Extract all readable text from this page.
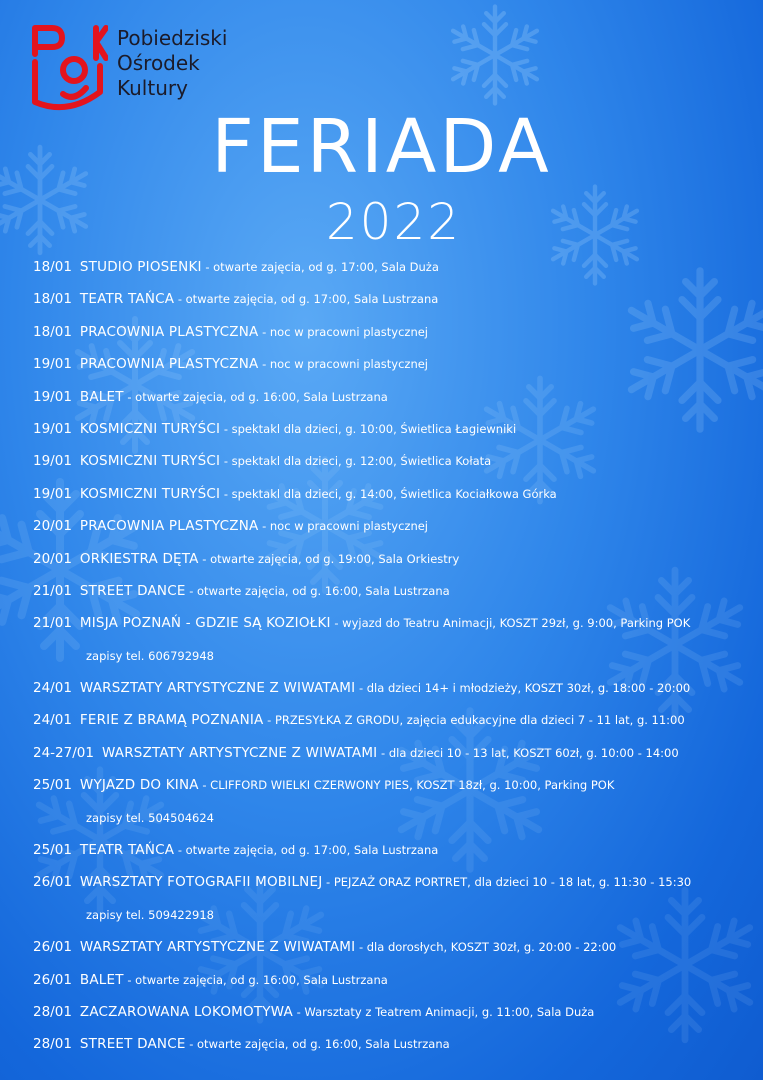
Pobiedziski
Ośrodek
Kultury
FERIADA
2022
18/01 STUDIO PIOSENKI - otwarte zajęcia, od g. 17:00, Sala Duża
18/01 TEATR TAŃCA - otwarte zajęcia, od g. 17:00, Sala Lustrzana
18/01 PRACOWNIA PLASTYCZNA - noc w pracowni plastycznej
19/01 PRACOWNIA PLASTYCZNA - noc w pracowni plastycznej
19/01 BALET - otwarte zajęcia, od g. 16:00, Sala Lustrzana
19/01 KOSMICZNI TURYŚCI - spektakl dla dzieci, g. 10:00, Świetlica Łagiewniki
19/01 KOSMICZNI TURYŚCI - spektakl dla dzieci, g. 12:00, Świetlica Kołata
19/01 KOSMICZNI TURYŚCI - spektakl dla dzieci, g. 14:00, Świetlica Kociałkowa Górka
20/01 PRACOWNIA PLASTYCZNA - noc w pracowni plastycznej
20/01 ORKIESTRA DĘTA - otwarte zajęcia, od g. 19:00, Sala Orkiestry
21/01 STREET DANCE - otwarte zajęcia, od g. 16:00, Sala Lustrzana
21/01 MISJA POZNAŃ - GDZIE SĄ KOZIOŁKI - wyjazd do Teatru Animacji, KOSZT 29zł, g. 9:00, Parking POK
zapisy tel. 606792948
24/01 WARSZTATY ARTYSTYCZNE Z WIWATAMI - dla dzieci 14+ i młodzieży, KOSZT 30zł, g. 18:00 - 20:00
24/01 FERIE Z BRAMĄ POZNANIA - PRZESYŁKA Z GRODU, zajęcia edukacyjne dla dzieci 7 - 11 lat, g. 11:00
24-27/01 WARSZTATY ARTYSTYCZNE Z WIWATAMI - dla dzieci 10 - 13 lat, KOSZT 60zł, g. 10:00 - 14:00
25/01 WYJAZD DO KINA - CLIFFORD WIELKI CZERWONY PIES, KOSZT 18zł, g. 10:00, Parking POK
zapisy tel. 504504624
25/01 TEATR TAŃCA - otwarte zajęcia, od g. 17:00, Sala Lustrzana
26/01 WARSZTATY FOTOGRAFII MOBILNEJ - PEJZAŻ ORAZ PORTRET, dla dzieci 10 - 18 lat, g. 11:30 - 15:30
zapisy tel. 509422918
26/01 WARSZTATY ARTYSTYCZNE Z WIWATAMI - dla dorosłych, KOSZT 30zł, g. 20:00 - 22:00
26/01 BALET - otwarte zajęcia, od g. 16:00, Sala Lustrzana
28/01 ZACZAROWANA LOKOMOTYWA - Warsztaty z Teatrem Animacji, g. 11:00, Sala Duża
28/01 STREET DANCE - otwarte zajęcia, od g. 16:00, Sala Lustrzana
